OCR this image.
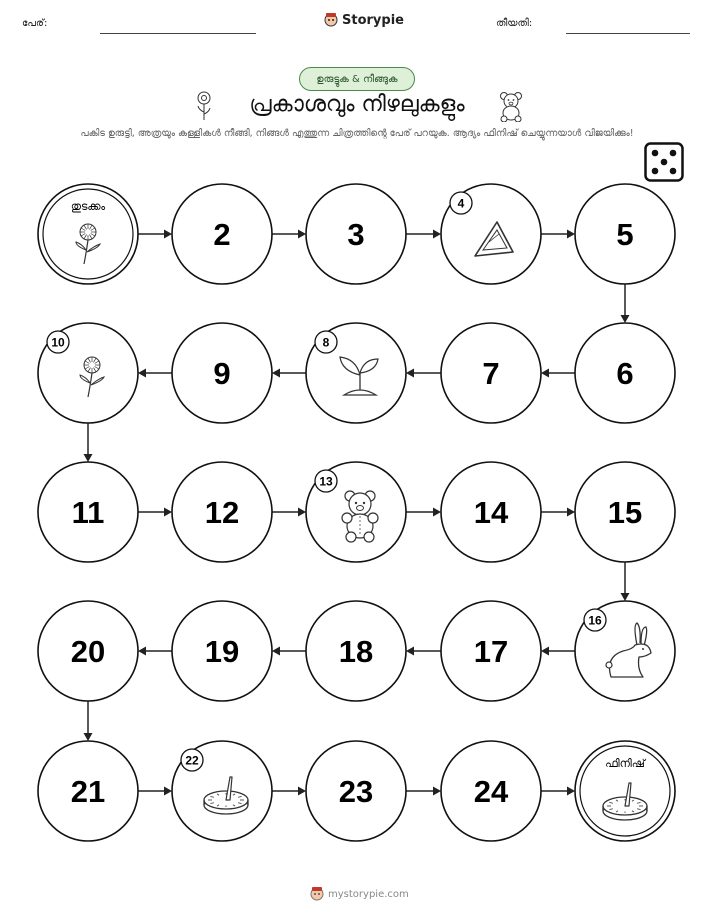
പേര്:	Storypie	തീയതി:
ഉരുട്ടുക & നീങ്ങുക
പ്രകാശവും നിഴലുകളും
പകിട ഉരുട്ടി, അത്രയും കള്ളികൾ നീങ്ങി, നിങ്ങൾ എത്തുന്ന ചിത്രത്തിന്റെ പേര് പറയുക. ആദ്യം ഫിനിഷ് ചെയ്യുന്നയാൾ വിജയിക്കും!
തുടക്കം
2	3
4
5
6
7
8
9
10
11	12
13
14	15
16
17
18
19
20
21
22
23	24
ഫിനിഷ്
mystorypie.com
